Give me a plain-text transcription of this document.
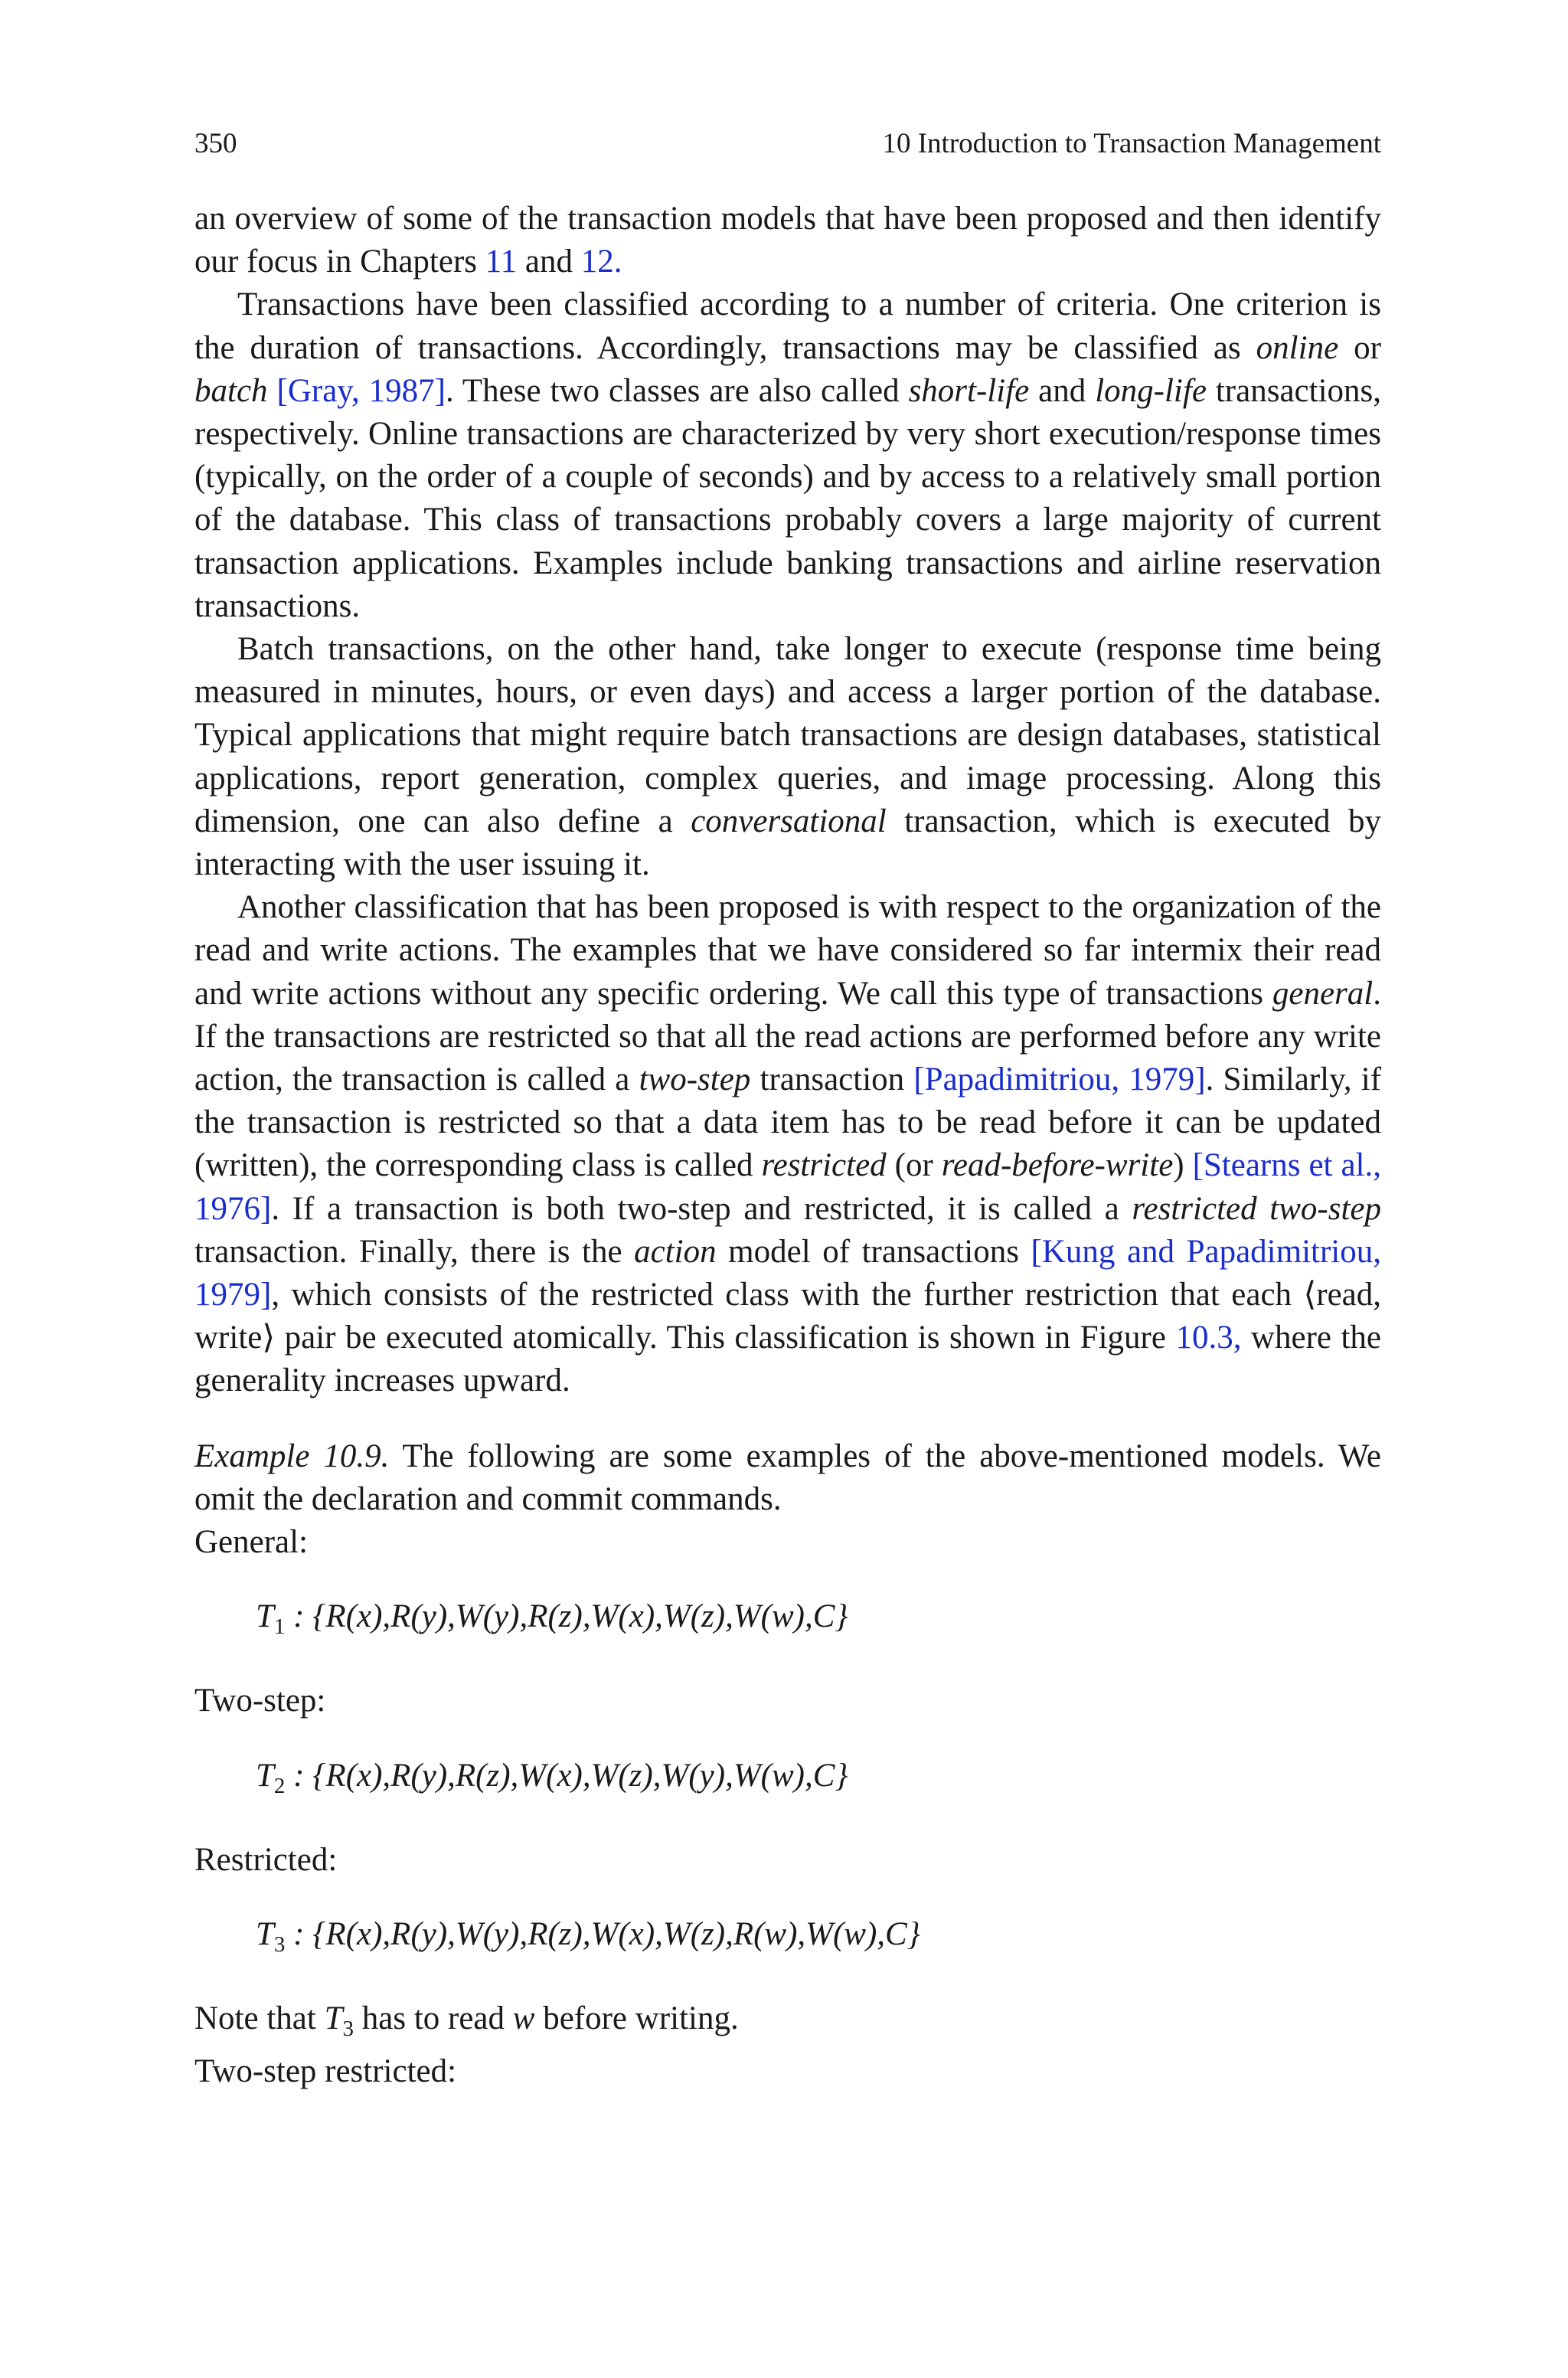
350	10 Introduction to Transaction Management

an overview of some of the transaction models that have been proposed and then identify our focus in Chapters 11 and 12.

Transactions have been classified according to a number of criteria. One criterion is the duration of transactions. Accordingly, transactions may be classified as online or batch [Gray, 1987]. These two classes are also called short-life and long-life transactions, respectively. Online transactions are characterized by very short execution/response times (typically, on the order of a couple of seconds) and by access to a relatively small portion of the database. This class of transactions probably covers a large majority of current transaction applications. Examples include banking transactions and airline reservation transactions.

Batch transactions, on the other hand, take longer to execute (response time being measured in minutes, hours, or even days) and access a larger portion of the database. Typical applications that might require batch transactions are design databases, statistical applications, report generation, complex queries, and image processing. Along this dimension, one can also define a conversational transaction, which is executed by interacting with the user issuing it.

Another classification that has been proposed is with respect to the organization of the read and write actions. The examples that we have considered so far intermix their read and write actions without any specific ordering. We call this type of transactions general. If the transactions are restricted so that all the read actions are performed before any write action, the transaction is called a two-step transaction [Papadimitriou, 1979]. Similarly, if the transaction is restricted so that a data item has to be read before it can be updated (written), the corresponding class is called restricted (or read-before-write) [Stearns et al., 1976]. If a transaction is both two-step and restricted, it is called a restricted two-step transaction. Finally, there is the action model of transactions [Kung and Papadimitriou, 1979], which consists of the restricted class with the further restriction that each ⟨read, write⟩ pair be executed atomically. This classification is shown in Figure 10.3, where the generality increases upward.

Example 10.9. The following are some examples of the above-mentioned models. We omit the declaration and commit commands.

General:
$T_1$ : {R(x),R(y),W(y),R(z),W(x),W(z),W(w),C}
Two-step:
$T_2$ : {R(x),R(y),R(z),W(x),W(z),W(y),W(w),C}
Restricted:
$T_3$ : {R(x),R(y),W(y),R(z),W(x),W(z),R(w),W(w),C}
Note that $T_3$ has to read w before writing.
Two-step restricted:
